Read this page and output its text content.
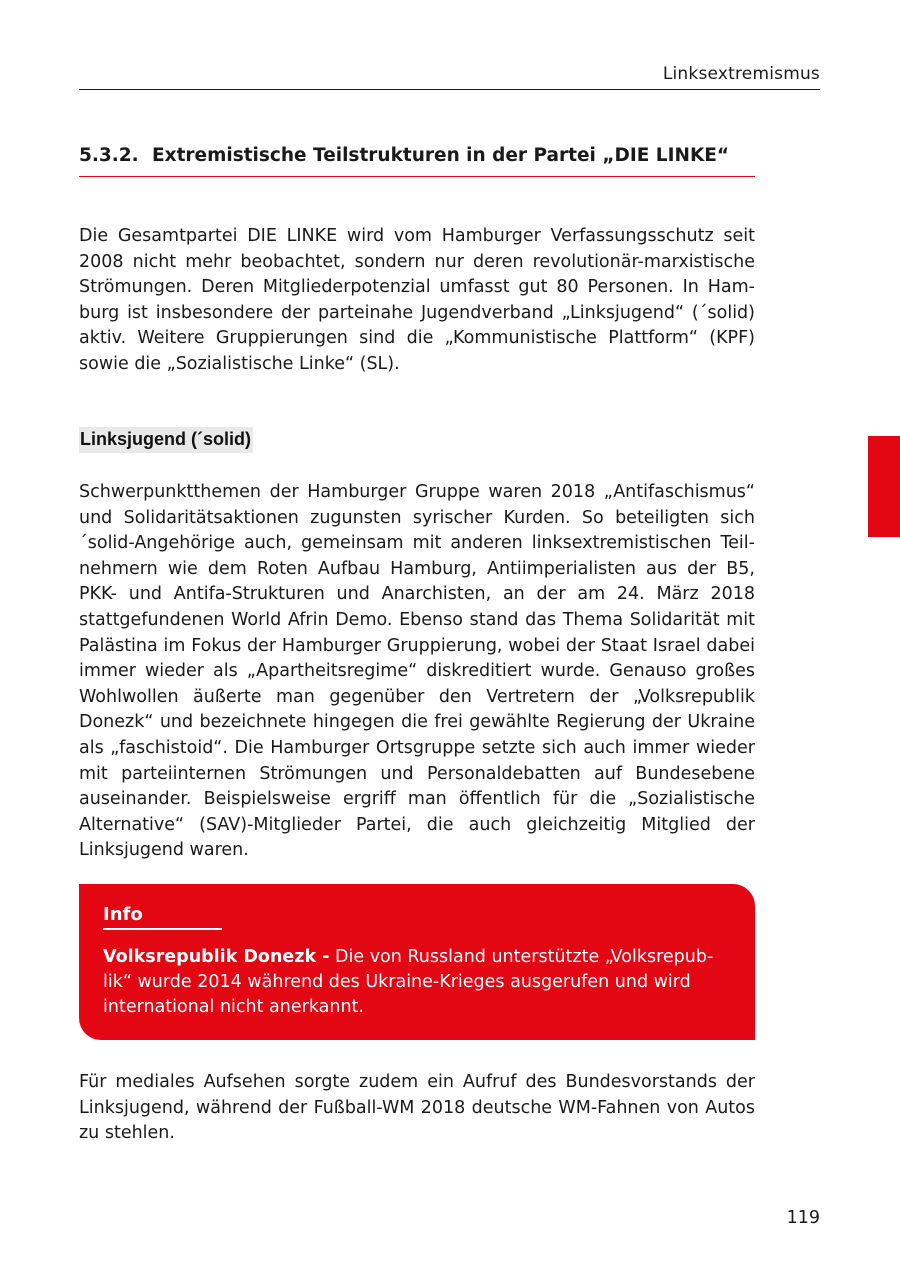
Linksextremismus
5.3.2. Extremistische Teilstrukturen in der Partei „DIE LINKE“

Die Gesamtpartei DIE LINKE wird vom Hamburger Verfassungsschutz seit 2008 nicht mehr beobachtet, sondern nur deren revolutionär-marxistische Strömungen. Deren Mitgliederpotenzial umfasst gut 80 Personen. In Hamburg ist insbesondere der parteinahe Jugendverband „Linksjugend“ (´solid) aktiv. Weitere Gruppierungen sind die „Kommunistische Plattform“ (KPF) sowie die „Sozialistische Linke“ (SL).

Linksjugend (´solid)

Schwerpunktthemen der Hamburger Gruppe waren 2018 „Antifaschismus“ und Solidaritätsaktionen zugunsten syrischer Kurden. So beteiligten sich ´solid-Angehörige auch, gemeinsam mit anderen linksextremistischen Teilnehmern wie dem Roten Aufbau Hamburg, Antiimperialisten aus der B5, PKK- und Antifa-Strukturen und Anarchisten, an der am 24. März 2018 stattgefundenen World Afrin Demo. Ebenso stand das Thema Solidarität mit Palästina im Fokus der Hamburger Gruppierung, wobei der Staat Israel dabei immer wieder als „Apartheitsregime“ diskreditiert wurde. Genauso großes Wohlwollen äußerte man gegenüber den Vertretern der „Volksrepublik Donezk“ und bezeichnete hingegen die frei gewählte Regierung der Ukraine als „faschistoid“. Die Hamburger Ortsgruppe setzte sich auch immer wieder mit parteiinternen Strömungen und Personaldebatten auf Bundesebene auseinander. Beispielsweise ergriff man öffentlich für die „Sozialistische Alternative“ (SAV)-Mitglieder Partei, die auch gleichzeitig Mitglied der Linksjugend waren.

Info

Volksrepublik Donezk - Die von Russland unterstützte „Volksrepublik“ wurde 2014 während des Ukraine-Krieges ausgerufen und wird international nicht anerkannt.

Für mediales Aufsehen sorgte zudem ein Aufruf des Bundesvorstands der Linksjugend, während der Fußball-WM 2018 deutsche WM-Fahnen von Autos zu stehlen.

119
